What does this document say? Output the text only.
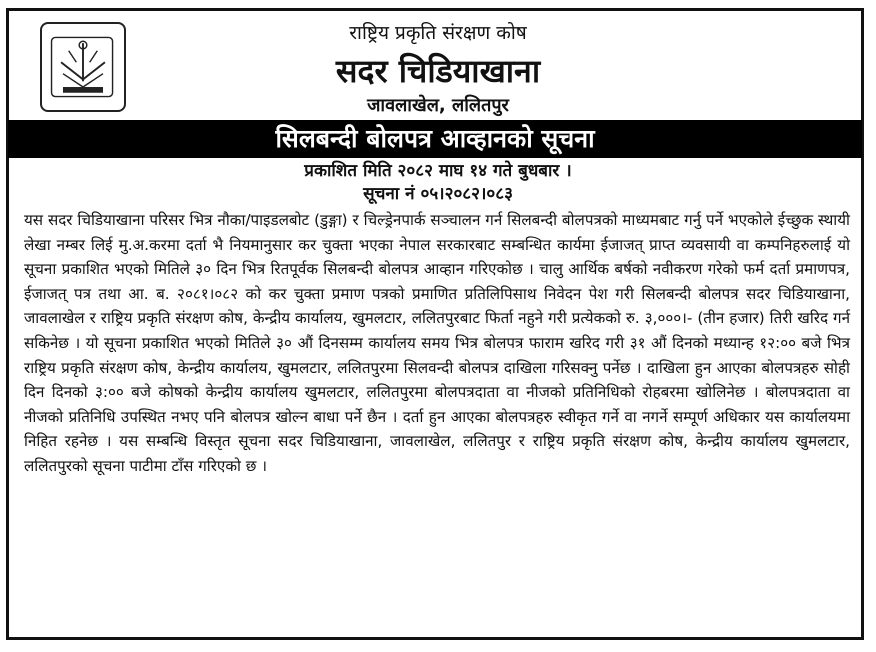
राष्ट्रिय प्रकृति संरक्षण कोष
सदर चिडियाखाना
जावलाखेल, ललितपुर
सिलबन्दी बोलपत्र आव्हानको सूचना
प्रकाशित मिति २०८२ माघ १४ गते बुधबार ।
सूचना नं ०५।२०८२।०८३
यस सदर चिडियाखाना परिसर भित्र नौका/पाइडलबोट (डुङ्गा) र चिल्ड्रेनपार्क सञ्चालन गर्न सिलबन्दी बोलपत्रको माध्यमबाट गर्नु पर्ने भएकोले ईच्छुक स्थायी लेखा नम्बर लिई मु.अ.करमा दर्ता भै नियमानुसार कर चुक्ता भएका नेपाल सरकारबाट सम्बन्धित कार्यमा ईजाजत् प्राप्त व्यवसायी वा कम्पनिहरुलाई यो सूचना प्रकाशित भएको मितिले ३० दिन भित्र रितपूर्वक सिलबन्दी बोलपत्र आव्हान गरिएकोछ । चालु आर्थिक बर्षको नवीकरण गरेको फर्म दर्ता प्रमाणपत्र, ईजाजत् पत्र तथा आ. ब. २०८१।०८२ को कर चुक्ता प्रमाण पत्रको प्रमाणित प्रतिलिपिसाथ निवेदन पेश गरी सिलबन्दी बोलपत्र सदर चिडियाखाना, जावलाखेल र राष्ट्रिय प्रकृति संरक्षण कोष, केन्द्रीय कार्यालय, खुमलटार, ललितपुरबाट फिर्ता नहुने गरी प्रत्येकको रु. ३,०००।- (तीन हजार) तिरी खरिद गर्न सकिनेछ । यो सूचना प्रकाशित भएको मितिले ३० औं दिनसम्म कार्यालय समय भित्र बोलपत्र फाराम खरिद गरी ३१ औं दिनको मध्यान्ह १२:०० बजे भित्र राष्ट्रिय प्रकृति संरक्षण कोष, केन्द्रीय कार्यालय, खुमलटार, ललितपुरमा सिलवन्दी बोलपत्र दाखिला गरिसक्नु पर्नेछ । दाखिला हुन आएका बोलपत्रहरु सोही दिन दिनको ३:०० बजे कोषको केन्द्रीय कार्यालय खुमलटार, ललितपुरमा बोलपत्रदाता वा नीजको प्रतिनिधिको रोहबरमा खोलिनेछ । बोलपत्रदाता वा नीजको प्रतिनिधि उपस्थित नभए पनि बोलपत्र खोल्न बाधा पर्ने छैन । दर्ता हुन आएका बोलपत्रहरु स्वीकृत गर्ने वा नगर्ने सम्पूर्ण अधिकार यस कार्यालयमा निहित रहनेछ । यस सम्बन्धि विस्तृत सूचना सदर चिडियाखाना, जावलाखेल, ललितपुर र राष्ट्रिय प्रकृति संरक्षण कोष, केन्द्रीय कार्यालय खुमलटार, ललितपुरको सूचना पाटीमा टाँस गरिएको छ ।
